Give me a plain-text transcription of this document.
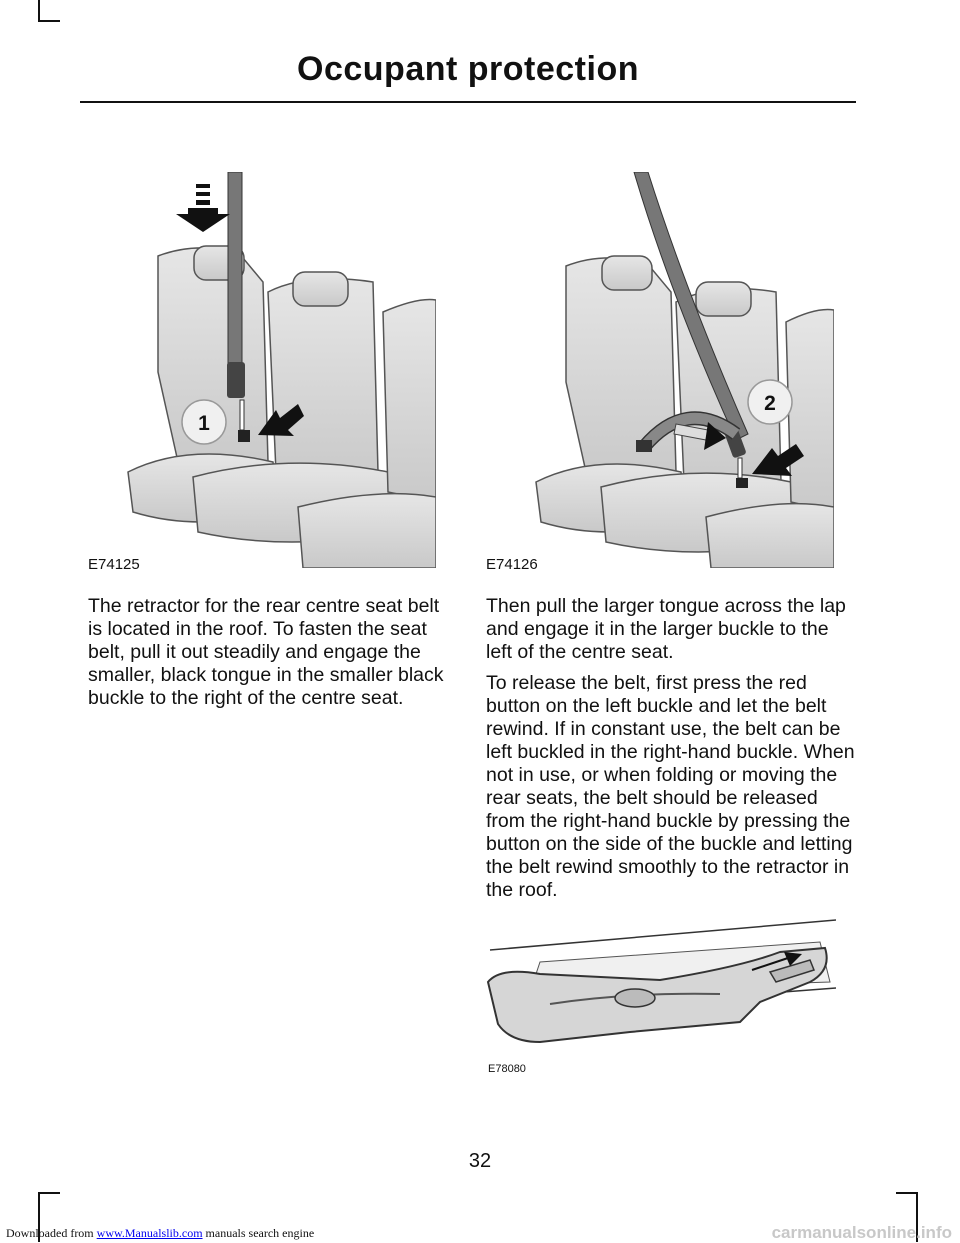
Occupant protection
1
E74125
2
E74126

The retractor for the rear centre seat belt is located in the roof. To fasten the seat belt, pull it out steadily and engage the smaller, black tongue in the smaller black buckle to the right of the centre seat.

Then pull the larger tongue across the lap and engage it in the larger buckle to the left of the centre seat.

To release the belt, first press the red button on the left buckle and let the belt rewind. If in constant use, the belt can be left buckled in the right-hand buckle. When not in use, or when folding or moving the rear seats, the belt should be released from the right-hand buckle by pressing the button on the side of the buckle and letting the belt rewind smoothly to the retractor in the roof.

E78080
32
Downloaded from www.Manualslib.com manuals search engine	carmanualsonline.info
